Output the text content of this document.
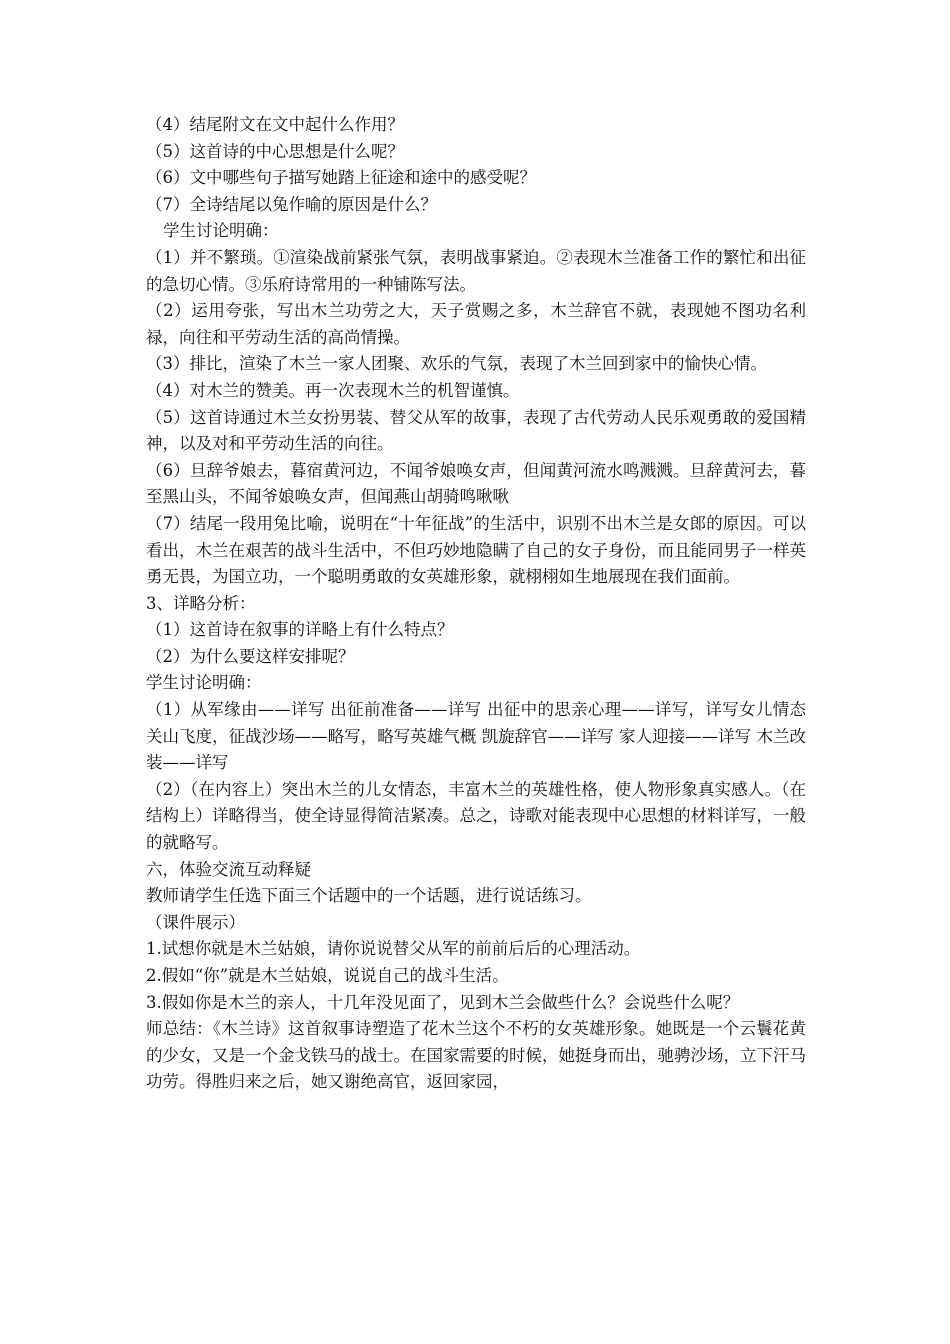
（4）结尾附文在文中起什么作用？

（5）这首诗的中心思想是什么呢？

（6）文中哪些句子描写她踏上征途和途中的感受呢？

（7）全诗结尾以兔作喻的原因是什么？

学生讨论明确：

（1）并不繁琐。①渲染战前紧张气氛，表明战事紧迫。②表现木兰准备工作的繁忙和出征的急切心情。③乐府诗常用的一种铺陈写法。

（2）运用夸张，写出木兰功劳之大，天子赏赐之多，木兰辞官不就，表现她不图功名利禄，向往和平劳动生活的高尚情操。

（3）排比，渲染了木兰一家人团聚、欢乐的气氛，表现了木兰回到家中的愉快心情。

（4）对木兰的赞美。再一次表现木兰的机智谨慎。

（5）这首诗通过木兰女扮男装、替父从军的故事，表现了古代劳动人民乐观勇敢的爱国精神，以及对和平劳动生活的向往。

（6）旦辞爷娘去，暮宿黄河边，不闻爷娘唤女声，但闻黄河流水鸣溅溅。旦辞黄河去，暮至黑山头，不闻爷娘唤女声，但闻燕山胡骑鸣啾啾

（7）结尾一段用兔比喻，说明在“十年征战”的生活中，识别不出木兰是女郎的原因。可以看出，木兰在艰苦的战斗生活中，不但巧妙地隐瞒了自己的女子身份，而且能同男子一样英勇无畏，为国立功，一个聪明勇敢的女英雄形象，就栩栩如生地展现在我们面前。

3、详略分析：

（1）这首诗在叙事的详略上有什么特点？

（2）为什么要这样安排呢？

学生讨论明确：

（1）从军缘由——详写 出征前准备——详写 出征中的思亲心理——详写，详写女儿情态 关山飞度，征战沙场——略写，略写英雄气概 凯旋辞官——详写 家人迎接——详写 木兰改装——详写

（2）（在内容上）突出木兰的儿女情态，丰富木兰的英雄性格，使人物形象真实感人。（在结构上）详略得当，使全诗显得简洁紧凑。总之，诗歌对能表现中心思想的材料详写，一般的就略写。

六，体验交流互动释疑

教师请学生任选下面三个话题中的一个话题，进行说话练习。

（课件展示）

1.试想你就是木兰姑娘，请你说说替父从军的前前后后的心理活动。

2.假如“你”就是木兰姑娘，说说自己的战斗生活。

3.假如你是木兰的亲人，十几年没见面了，见到木兰会做些什么？会说些什么呢？

师总结：《木兰诗》这首叙事诗塑造了花木兰这个不朽的女英雄形象。她既是一个云鬟花黄的少女，又是一个金戈铁马的战士。在国家需要的时候，她挺身而出，驰骋沙场，立下汗马功劳。得胜归来之后，她又谢绝高官，返回家园，
